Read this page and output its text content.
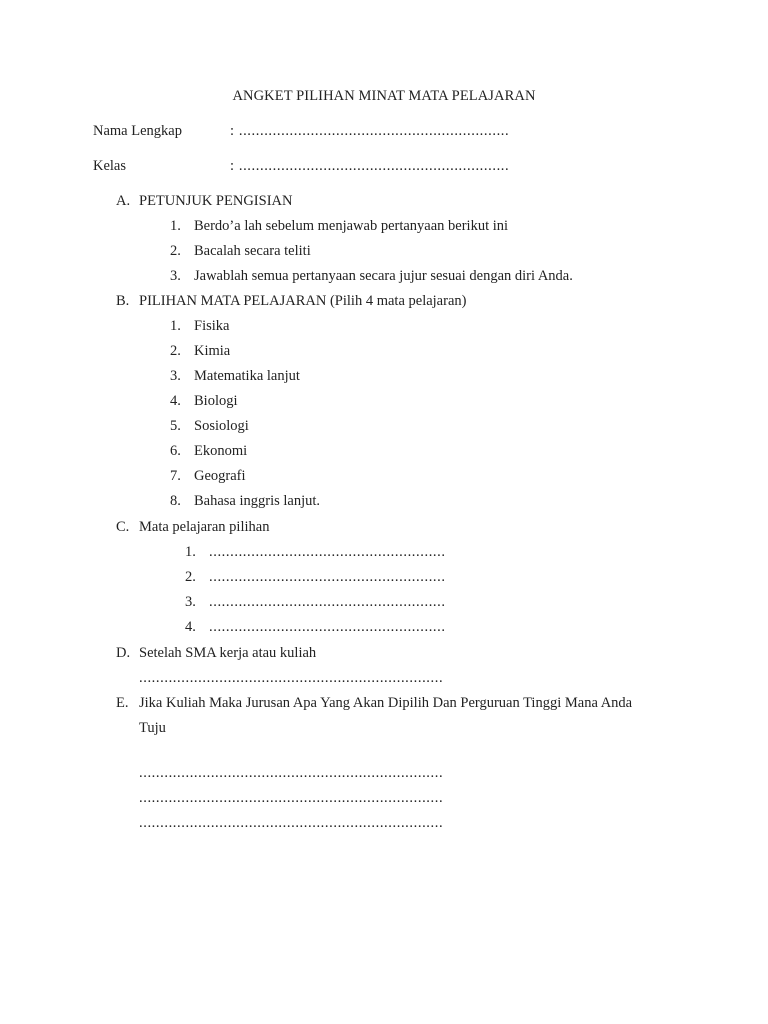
ANGKET PILIHAN MINAT MATA PELAJARAN
Nama Lengkap	: ................................................................
Kelas	: ................................................................
A. PETUNJUK PENGISIAN
1. Berdo’a lah sebelum menjawab pertanyaan berikut ini
2. Bacalah secara teliti
3. Jawablah semua pertanyaan secara jujur sesuai dengan diri Anda.
B. PILIHAN MATA PELAJARAN (Pilih 4 mata pelajaran)
1. Fisika
2. Kimia
3. Matematika lanjut
4. Biologi
5. Sosiologi
6. Ekonomi
7. Geografi
8. Bahasa inggris lanjut.
C. Mata pelajaran pilihan
1. ........................................................
2. ........................................................
3. ........................................................
4. ........................................................
D. Setelah SMA kerja atau kuliah
........................................................................
E. Jika Kuliah Maka Jurusan Apa Yang Akan Dipilih Dan Perguruan Tinggi Mana Anda
Tuju
........................................................................
........................................................................
........................................................................
